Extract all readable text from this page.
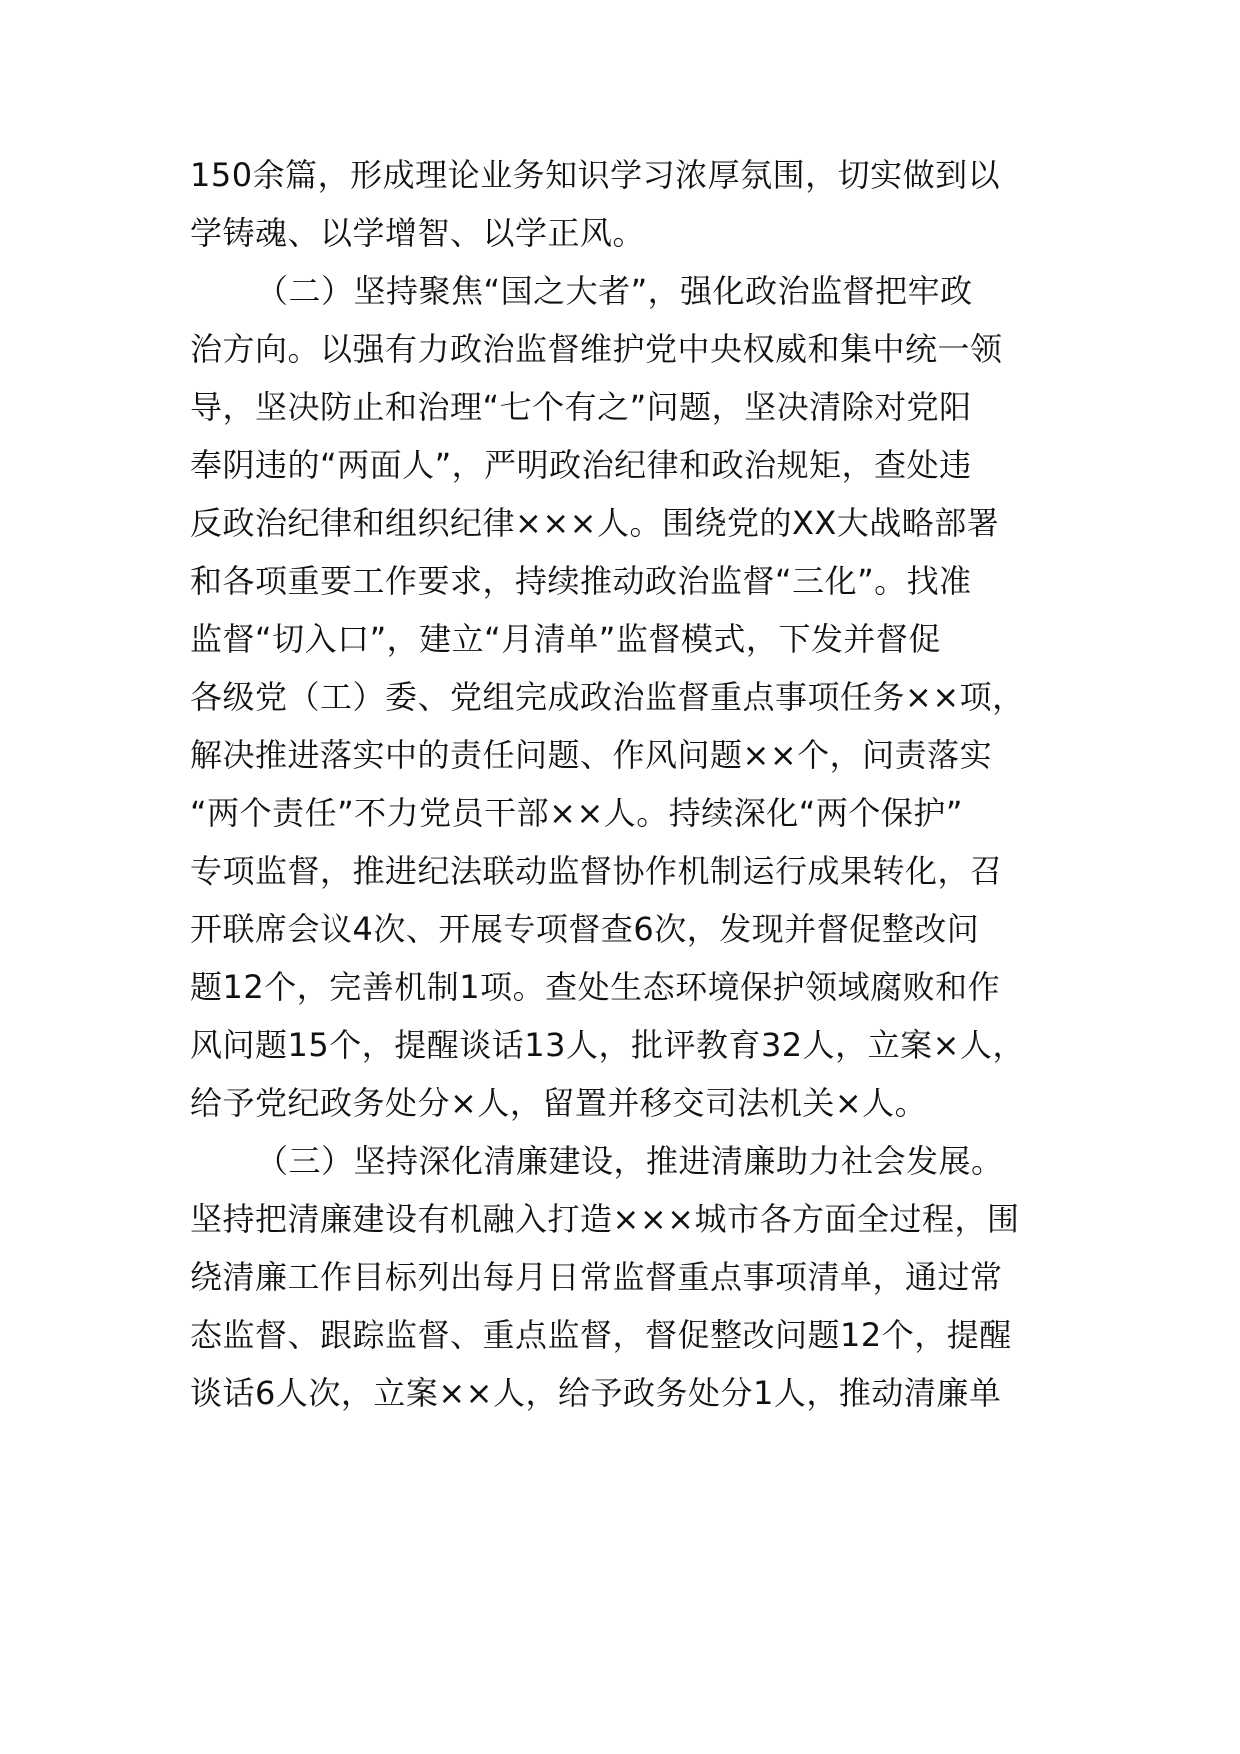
150余篇，形成理论业务知识学习浓厚氛围，切实做到以

学铸魂、以学增智、以学正风。

（二）坚持聚焦“国之大者”，强化政治监督把牢政

治方向。以强有力政治监督维护党中央权威和集中统一领

导，坚决防止和治理“七个有之”问题，坚决清除对党阳

奉阴违的“两面人”，严明政治纪律和政治规矩，查处违

反政治纪律和组织纪律×××人。围绕党的XX大战略部署

和各项重要工作要求，持续推动政治监督“三化”。找准

监督“切入口”，建立“月清单”监督模式，下发并督促

各级党（工）委、党组完成政治监督重点事项任务××项，

解决推进落实中的责任问题、作风问题××个，问责落实

“两个责任”不力党员干部××人。持续深化“两个保护”

专项监督，推进纪法联动监督协作机制运行成果转化，召

开联席会议4次、开展专项督查6次，发现并督促整改问

题12个，完善机制1项。查处生态环境保护领域腐败和作

风问题15个，提醒谈话13人，批评教育32人，立案×人，

给予党纪政务处分×人，留置并移交司法机关×人。

（三）坚持深化清廉建设，推进清廉助力社会发展。

坚持把清廉建设有机融入打造×××城市各方面全过程，围

绕清廉工作目标列出每月日常监督重点事项清单，通过常

态监督、跟踪监督、重点监督，督促整改问题12个，提醒

谈话6人次，立案××人，给予政务处分1人，推动清廉单
